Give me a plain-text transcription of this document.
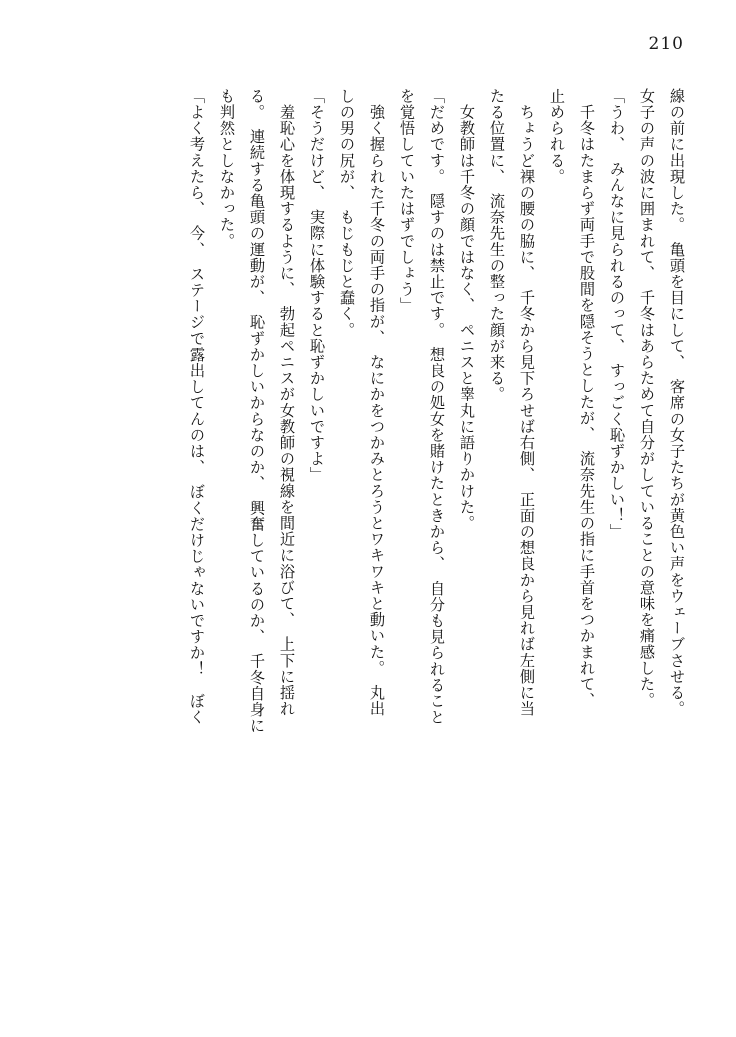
210
線の前に出現した。　亀頭を目にして、　客席の女子たちが黄色い声をウェーブさせる。
女子の声の波に囲まれて、　千冬はあらためて自分がしていることの意味を痛感した。
「うわ、　みんなに見られるのって、　すっごく恥ずかしい！」
　千冬はたまらず両手で股間を隠そうとしたが、　流奈先生の指に手首をつかまれて、
止められる。
　ちょうど裸の腰の脇に、　千冬から見下ろせば右側、　正面の想良から見れば左側に当
たる位置に、　流奈先生の整った顔が来る。
　女教師は千冬の顔ではなく、　ペニスと睾丸に語りかけた。
「だめです。　隠すのは禁止です。　想良の処女を賭けたときから、　自分も見られること
を覚悟していたはずでしょう」
　強く握られた千冬の両手の指が、　なにかをつかみとろうとワキワキと動いた。　丸出
しの男の尻が、　もじもじと蠢く。
「そうだけど、　実際に体験すると恥ずかしいですよ」
　羞恥心を体現するように、　勃起ペニスが女教師の視線を間近に浴びて、　上下に揺れ
る。　連続する亀頭の運動が、　恥ずかしいからなのか、　興奮しているのか、　千冬自身に
も判然としなかった。
「よく考えたら、　今、　ステージで露出してんのは、　ぼくだけじゃないですか！　ぼく
